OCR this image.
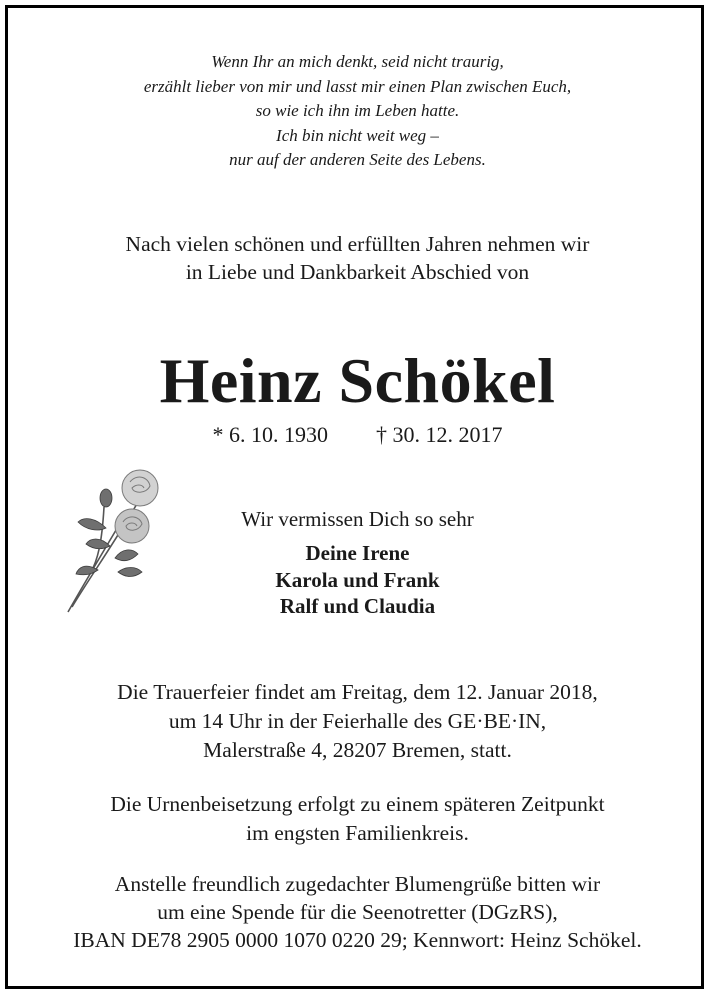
Wenn Ihr an mich denkt, seid nicht traurig,
erzählt lieber von mir und lasst mir einen Plan zwischen Euch,
so wie ich ihn im Leben hatte.
Ich bin nicht weit weg –
nur auf der anderen Seite des Lebens.
Nach vielen schönen und erfüllten Jahren nehmen wir
in Liebe und Dankbarkeit Abschied von
Heinz Schökel
* 6. 10. 1930 † 30. 12. 2017
Wir vermissen Dich so sehr
Deine Irene
Karola und Frank
Ralf und Claudia
Die Trauerfeier findet am Freitag, dem 12. Januar 2018,
um 14 Uhr in der Feierhalle des GE·BE·IN,
Malerstraße 4, 28207 Bremen, statt.
Die Urnenbeisetzung erfolgt zu einem späteren Zeitpunkt
im engsten Familienkreis.
Anstelle freundlich zugedachter Blumengrüße bitten wir
um eine Spende für die Seenotretter (DGzRS),
IBAN DE78 2905 0000 1070 0220 29; Kennwort: Heinz Schökel.
